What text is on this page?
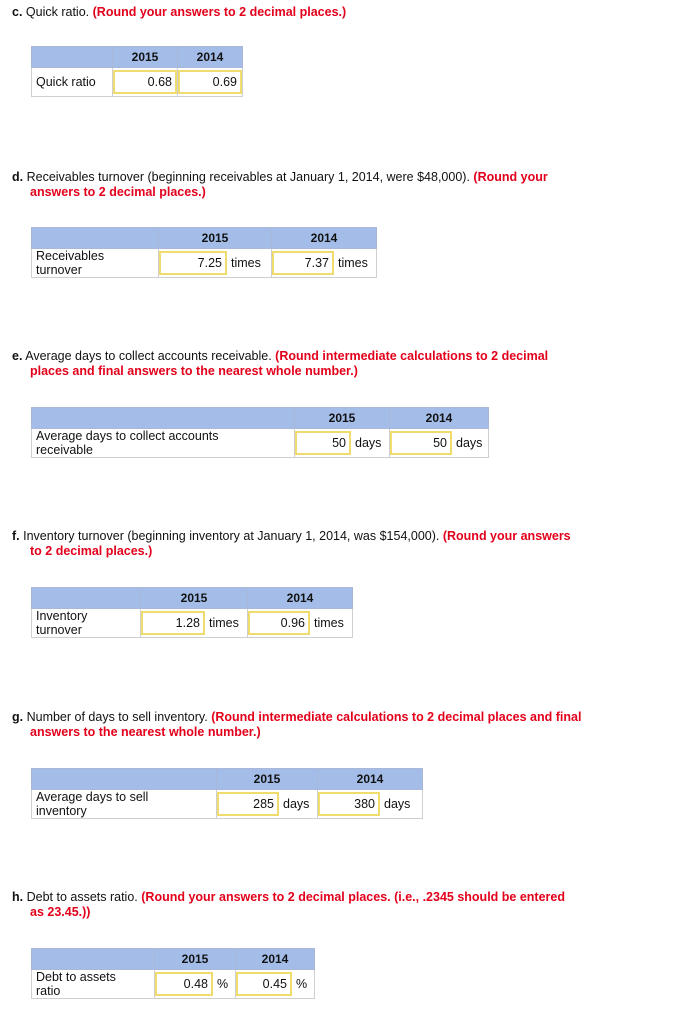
c. Quick ratio. (Round your answers to 2 decimal places.)
	2015	2014
Quick ratio	0.68	0.69
d. Receivables turnover (beginning receivables at January 1, 2014, were $48,000). (Round your
answers to 2 decimal places.)
	2015	2014
Receivables
turnover	7.25 times	7.37 times
e. Average days to collect accounts receivable. (Round intermediate calculations to 2 decimal
places and final answers to the nearest whole number.)
	2015	2014
Average days to collect accounts
receivable	50 days	50 days
f. Inventory turnover (beginning inventory at January 1, 2014, was $154,000). (Round your answers
to 2 decimal places.)
	2015	2014
Inventory
turnover	1.28 times	0.96 times
g. Number of days to sell inventory. (Round intermediate calculations to 2 decimal places and final
answers to the nearest whole number.)
	2015	2014
Average days to sell
inventory	285 days	380 days
h. Debt to assets ratio. (Round your answers to 2 decimal places. (i.e., .2345 should be entered
as 23.45.))
	2015	2014
Debt to assets
ratio	0.48 %	0.45 %
